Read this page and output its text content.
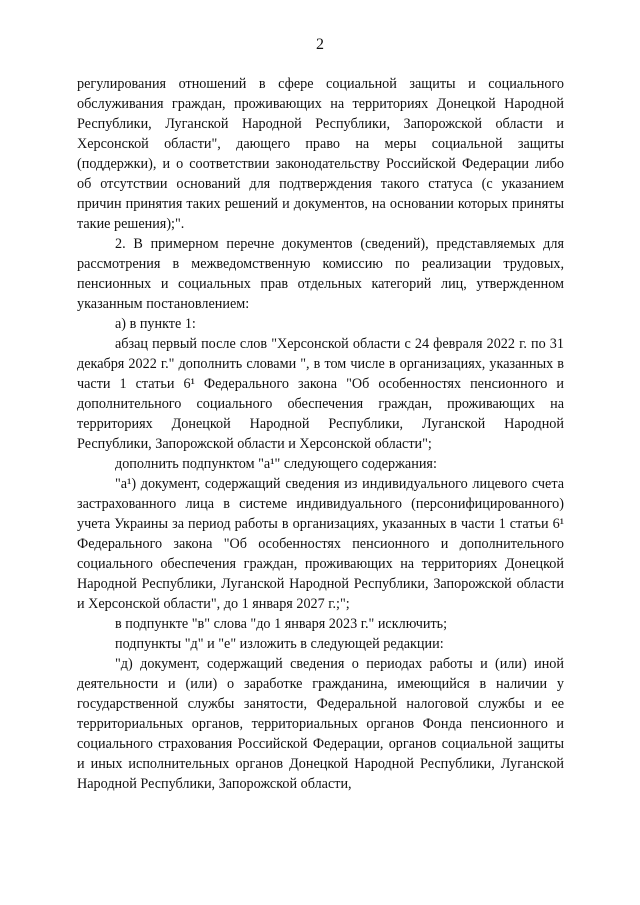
2

регулирования отношений в сфере социальной защиты и социального обслуживания граждан, проживающих на территориях Донецкой Народной Республики, Луганской Народной Республики, Запорожской области и Херсонской области", дающего право на меры социальной защиты (поддержки), и о соответствии законодательству Российской Федерации либо об отсутствии оснований для подтверждения такого статуса (с указанием причин принятия таких решений и документов, на основании которых приняты такие решения);".

2. В примерном перечне документов (сведений), представляемых для рассмотрения в межведомственную комиссию по реализации трудовых, пенсионных и социальных прав отдельных категорий лиц, утвержденном указанным постановлением:

а) в пункте 1:

абзац первый после слов "Херсонской области с 24 февраля 2022 г. по 31 декабря 2022 г." дополнить словами ", в том числе в организациях, указанных в части 1 статьи 6¹ Федерального закона "Об особенностях пенсионного и дополнительного социального обеспечения граждан, проживающих на территориях Донецкой Народной Республики, Луганской Народной Республики, Запорожской области и Херсонской области";

дополнить подпунктом "а¹" следующего содержания:

"а¹) документ, содержащий сведения из индивидуального лицевого счета застрахованного лица в системе индивидуального (персонифицированного) учета Украины за период работы в организациях, указанных в части 1 статьи 6¹ Федерального закона "Об особенностях пенсионного и дополнительного социального обеспечения граждан, проживающих на территориях Донецкой Народной Республики, Луганской Народной Республики, Запорожской области и Херсонской области", до 1 января 2027 г.;";

в подпункте "в" слова "до 1 января 2023 г." исключить;

подпункты "д" и "е" изложить в следующей редакции:

"д) документ, содержащий сведения о периодах работы и (или) иной деятельности и (или) о заработке гражданина, имеющийся в наличии у государственной службы занятости, Федеральной налоговой службы и ее территориальных органов, территориальных органов Фонда пенсионного и социального страхования Российской Федерации, органов социальной защиты и иных исполнительных органов Донецкой Народной Республики, Луганской Народной Республики, Запорожской области,
